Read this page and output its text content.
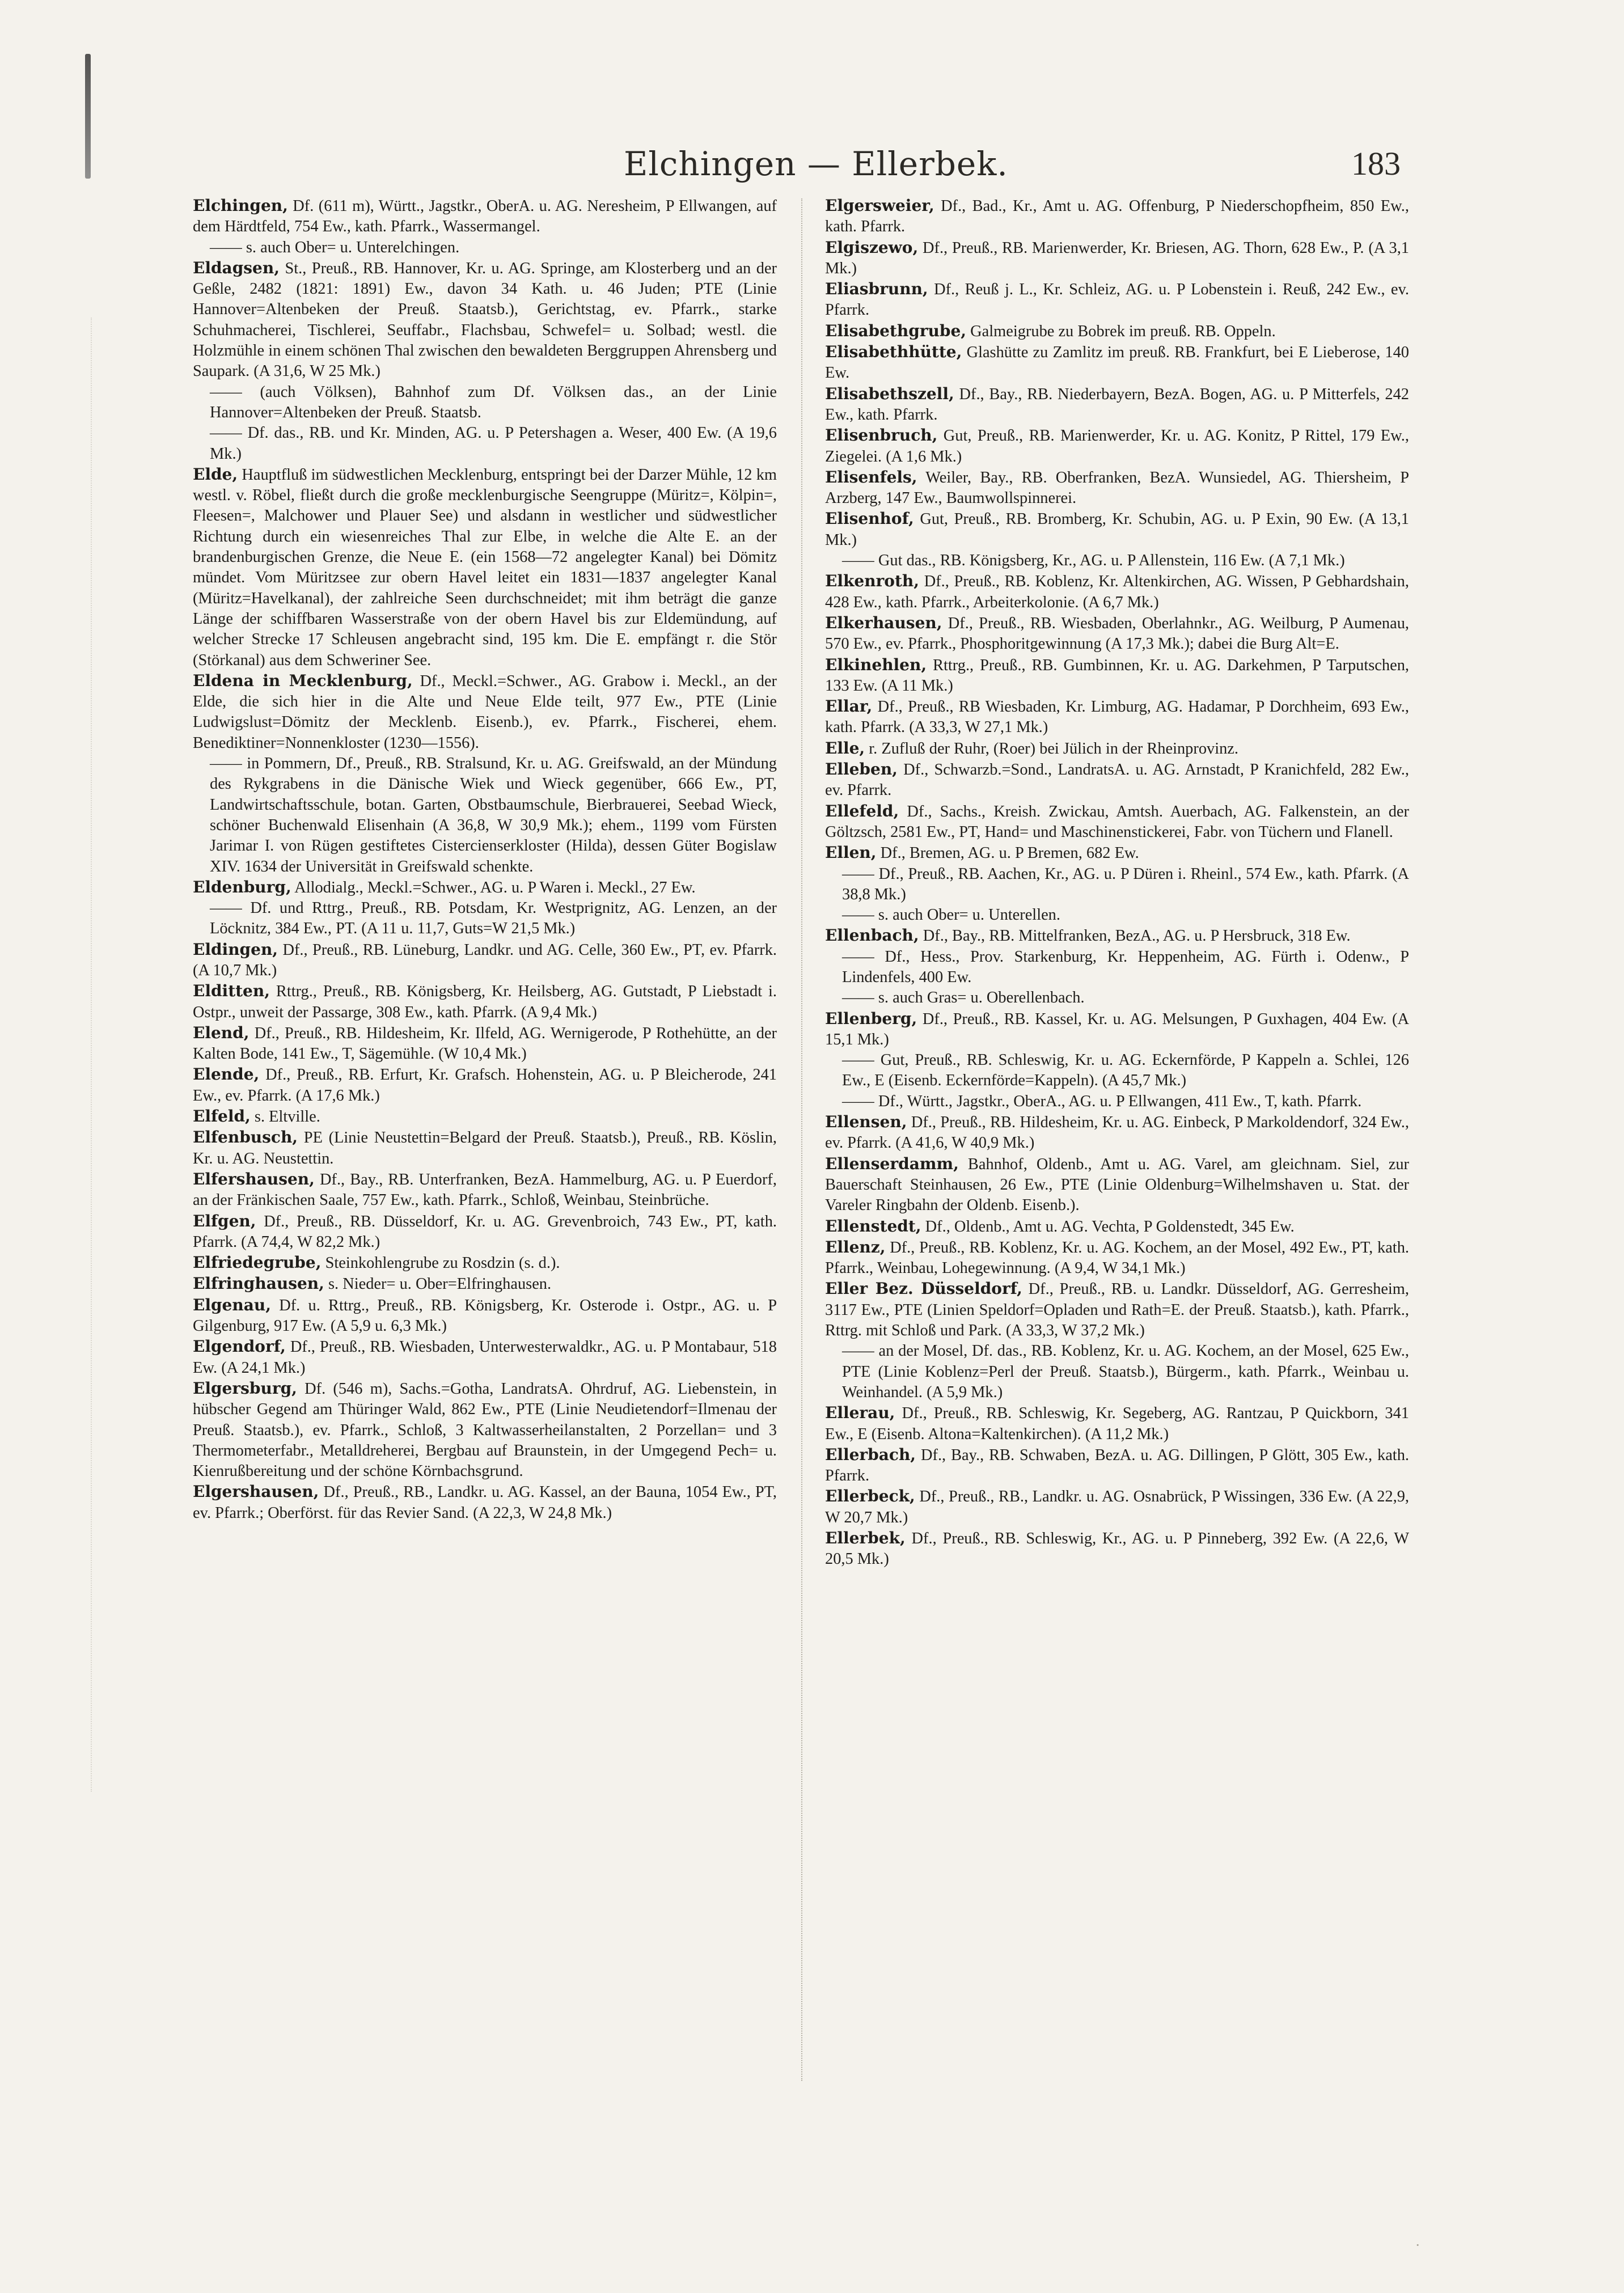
Elchingen — Ellerbek.	183

Elchingen, Df. (611 m), Württ., Jagstkr., OberA. u. AG. Neresheim, P Ellwangen, auf dem Härdtfeld, 754 Ew., kath. Pfarrk., Wassermangel.

—— s. auch Ober= u. Unterelchingen.

Eldagsen, St., Preuß., RB. Hannover, Kr. u. AG. Springe, am Klosterberg und an der Geßle, 2482 (1821: 1891) Ew., davon 34 Kath. u. 46 Juden; PTE (Linie Hannover=Altenbeken der Preuß. Staatsb.), Gerichtstag, ev. Pfarrk., starke Schuhmacherei, Tischlerei, Seuffabr., Flachsbau, Schwefel= u. Solbad; westl. die Holzmühle in einem schönen Thal zwischen den bewaldeten Berggruppen Ahrensberg und Saupark. (A 31,6, W 25 Mk.)

—— (auch Völksen), Bahnhof zum Df. Völksen das., an der Linie Hannover=Altenbeken der Preuß. Staatsb.

—— Df. das., RB. und Kr. Minden, AG. u. P Petershagen a. Weser, 400 Ew. (A 19,6 Mk.)

Elde, Hauptfluß im südwestlichen Mecklenburg, entspringt bei der Darzer Mühle, 12 km westl. v. Röbel, fließt durch die große mecklenburgische Seengruppe (Müritz=, Kölpin=, Fleesen=, Malchower und Plauer See) und alsdann in westlicher und südwestlicher Richtung durch ein wiesenreiches Thal zur Elbe, in welche die Alte E. an der brandenburgischen Grenze, die Neue E. (ein 1568—72 angelegter Kanal) bei Dömitz mündet. Vom Müritzsee zur obern Havel leitet ein 1831—1837 angelegter Kanal (Müritz=Havelkanal), der zahlreiche Seen durchschneidet; mit ihm beträgt die ganze Länge der schiffbaren Wasserstraße von der obern Havel bis zur Eldemündung, auf welcher Strecke 17 Schleusen angebracht sind, 195 km. Die E. empfängt r. die Stör (Störkanal) aus dem Schweriner See.

Eldena in Mecklenburg, Df., Meckl.=Schwer., AG. Grabow i. Meckl., an der Elde, die sich hier in die Alte und Neue Elde teilt, 977 Ew., PTE (Linie Ludwigslust=Dömitz der Mecklenb. Eisenb.), ev. Pfarrk., Fischerei, ehem. Benediktiner=Nonnenkloster (1230—1556).

—— in Pommern, Df., Preuß., RB. Stralsund, Kr. u. AG. Greifswald, an der Mündung des Rykgrabens in die Dänische Wiek und Wieck gegenüber, 666 Ew., PT, Landwirtschaftsschule, botan. Garten, Obstbaumschule, Bierbrauerei, Seebad Wieck, schöner Buchenwald Elisenhain (A 36,8, W 30,9 Mk.); ehem., 1199 vom Fürsten Jarimar I. von Rügen gestiftetes Cistercienserkloster (Hilda), dessen Güter Bogislaw XIV. 1634 der Universität in Greifswald schenkte.

Eldenburg, Allodialg., Meckl.=Schwer., AG. u. P Waren i. Meckl., 27 Ew.

—— Df. und Rttrg., Preuß., RB. Potsdam, Kr. Westprignitz, AG. Lenzen, an der Löcknitz, 384 Ew., PT. (A 11 u. 11,7, Guts=W 21,5 Mk.)

Eldingen, Df., Preuß., RB. Lüneburg, Landkr. und AG. Celle, 360 Ew., PT, ev. Pfarrk. (A 10,7 Mk.)

Elditten, Rttrg., Preuß., RB. Königsberg, Kr. Heilsberg, AG. Gutstadt, P Liebstadt i. Ostpr., unweit der Passarge, 308 Ew., kath. Pfarrk. (A 9,4 Mk.)

Elend, Df., Preuß., RB. Hildesheim, Kr. Ilfeld, AG. Wernigerode, P Rothehütte, an der Kalten Bode, 141 Ew., T, Sägemühle. (W 10,4 Mk.)

Elende, Df., Preuß., RB. Erfurt, Kr. Grafsch. Hohenstein, AG. u. P Bleicherode, 241 Ew., ev. Pfarrk. (A 17,6 Mk.)

Elfeld, s. Eltville.

Elfenbusch, PE (Linie Neustettin=Belgard der Preuß. Staatsb.), Preuß., RB. Köslin, Kr. u. AG. Neustettin.

Elfershausen, Df., Bay., RB. Unterfranken, BezA. Hammelburg, AG. u. P Euerdorf, an der Fränkischen Saale, 757 Ew., kath. Pfarrk., Schloß, Weinbau, Steinbrüche.

Elfgen, Df., Preuß., RB. Düsseldorf, Kr. u. AG. Grevenbroich, 743 Ew., PT, kath. Pfarrk. (A 74,4, W 82,2 Mk.)

Elfriedegrube, Steinkohlengrube zu Rosdzin (s. d.).

Elfringhausen, s. Nieder= u. Ober=Elfringhausen.

Elgenau, Df. u. Rttrg., Preuß., RB. Königsberg, Kr. Osterode i. Ostpr., AG. u. P Gilgenburg, 917 Ew. (A 5,9 u. 6,3 Mk.)

Elgendorf, Df., Preuß., RB. Wiesbaden, Unterwesterwaldkr., AG. u. P Montabaur, 518 Ew. (A 24,1 Mk.)

Elgersburg, Df. (546 m), Sachs.=Gotha, LandratsA. Ohrdruf, AG. Liebenstein, in hübscher Gegend am Thüringer Wald, 862 Ew., PTE (Linie Neudietendorf=Ilmenau der Preuß. Staatsb.), ev. Pfarrk., Schloß, 3 Kaltwasserheilanstalten, 2 Porzellan= und 3 Thermometerfabr., Metalldreherei, Bergbau auf Braunstein, in der Umgegend Pech= u. Kienrußbereitung und der schöne Körnbachsgrund.

Elgershausen, Df., Preuß., RB., Landkr. u. AG. Kassel, an der Bauna, 1054 Ew., PT, ev. Pfarrk.; Oberförst. für das Revier Sand. (A 22,3, W 24,8 Mk.)

Elgersweier, Df., Bad., Kr., Amt u. AG. Offenburg, P Niederschopfheim, 850 Ew., kath. Pfarrk.

Elgiszewo, Df., Preuß., RB. Marienwerder, Kr. Briesen, AG. Thorn, 628 Ew., P. (A 3,1 Mk.)

Eliasbrunn, Df., Reuß j. L., Kr. Schleiz, AG. u. P Lobenstein i. Reuß, 242 Ew., ev. Pfarrk.

Elisabethgrube, Galmeigrube zu Bobrek im preuß. RB. Oppeln.

Elisabethhütte, Glashütte zu Zamlitz im preuß. RB. Frankfurt, bei E Lieberose, 140 Ew.

Elisabethszell, Df., Bay., RB. Niederbayern, BezA. Bogen, AG. u. P Mitterfels, 242 Ew., kath. Pfarrk.

Elisenbruch, Gut, Preuß., RB. Marienwerder, Kr. u. AG. Konitz, P Rittel, 179 Ew., Ziegelei. (A 1,6 Mk.)

Elisenfels, Weiler, Bay., RB. Oberfranken, BezA. Wunsiedel, AG. Thiersheim, P Arzberg, 147 Ew., Baumwollspinnerei.

Elisenhof, Gut, Preuß., RB. Bromberg, Kr. Schubin, AG. u. P Exin, 90 Ew. (A 13,1 Mk.)

—— Gut das., RB. Königsberg, Kr., AG. u. P Allenstein, 116 Ew. (A 7,1 Mk.)

Elkenroth, Df., Preuß., RB. Koblenz, Kr. Altenkirchen, AG. Wissen, P Gebhardshain, 428 Ew., kath. Pfarrk., Arbeiterkolonie. (A 6,7 Mk.)

Elkerhausen, Df., Preuß., RB. Wiesbaden, Oberlahnkr., AG. Weilburg, P Aumenau, 570 Ew., ev. Pfarrk., Phosphoritgewinnung (A 17,3 Mk.); dabei die Burg Alt=E.

Elkinehlen, Rttrg., Preuß., RB. Gumbinnen, Kr. u. AG. Darkehmen, P Tarputschen, 133 Ew. (A 11 Mk.)

Ellar, Df., Preuß., RB Wiesbaden, Kr. Limburg, AG. Hadamar, P Dorchheim, 693 Ew., kath. Pfarrk. (A 33,3, W 27,1 Mk.)

Elle, r. Zufluß der Ruhr, (Roer) bei Jülich in der Rheinprovinz.

Elleben, Df., Schwarzb.=Sond., LandratsA. u. AG. Arnstadt, P Kranichfeld, 282 Ew., ev. Pfarrk.

Ellefeld, Df., Sachs., Kreish. Zwickau, Amtsh. Auerbach, AG. Falkenstein, an der Göltzsch, 2581 Ew., PT, Hand= und Maschinenstickerei, Fabr. von Tüchern und Flanell.

Ellen, Df., Bremen, AG. u. P Bremen, 682 Ew.

—— Df., Preuß., RB. Aachen, Kr., AG. u. P Düren i. Rheinl., 574 Ew., kath. Pfarrk. (A 38,8 Mk.)

—— s. auch Ober= u. Unterellen.

Ellenbach, Df., Bay., RB. Mittelfranken, BezA., AG. u. P Hersbruck, 318 Ew.

—— Df., Hess., Prov. Starkenburg, Kr. Heppenheim, AG. Fürth i. Odenw., P Lindenfels, 400 Ew.

—— s. auch Gras= u. Oberellenbach.

Ellenberg, Df., Preuß., RB. Kassel, Kr. u. AG. Melsungen, P Guxhagen, 404 Ew. (A 15,1 Mk.)

—— Gut, Preuß., RB. Schleswig, Kr. u. AG. Eckernförde, P Kappeln a. Schlei, 126 Ew., E (Eisenb. Eckernförde=Kappeln). (A 45,7 Mk.)

—— Df., Württ., Jagstkr., OberA., AG. u. P Ellwangen, 411 Ew., T, kath. Pfarrk.

Ellensen, Df., Preuß., RB. Hildesheim, Kr. u. AG. Einbeck, P Markoldendorf, 324 Ew., ev. Pfarrk. (A 41,6, W 40,9 Mk.)

Ellenserdamm, Bahnhof, Oldenb., Amt u. AG. Varel, am gleichnam. Siel, zur Bauerschaft Steinhausen, 26 Ew., PTE (Linie Oldenburg=Wilhelmshaven u. Stat. der Vareler Ringbahn der Oldenb. Eisenb.).

Ellenstedt, Df., Oldenb., Amt u. AG. Vechta, P Goldenstedt, 345 Ew.

Ellenz, Df., Preuß., RB. Koblenz, Kr. u. AG. Kochem, an der Mosel, 492 Ew., PT, kath. Pfarrk., Weinbau, Lohegewinnung. (A 9,4, W 34,1 Mk.)

Eller Bez. Düsseldorf, Df., Preuß., RB. u. Landkr. Düsseldorf, AG. Gerresheim, 3117 Ew., PTE (Linien Speldorf=Opladen und Rath=E. der Preuß. Staatsb.), kath. Pfarrk., Rttrg. mit Schloß und Park. (A 33,3, W 37,2 Mk.)

—— an der Mosel, Df. das., RB. Koblenz, Kr. u. AG. Kochem, an der Mosel, 625 Ew., PTE (Linie Koblenz=Perl der Preuß. Staatsb.), Bürgerm., kath. Pfarrk., Weinbau u. Weinhandel. (A 5,9 Mk.)

Ellerau, Df., Preuß., RB. Schleswig, Kr. Segeberg, AG. Rantzau, P Quickborn, 341 Ew., E (Eisenb. Altona=Kaltenkirchen). (A 11,2 Mk.)

Ellerbach, Df., Bay., RB. Schwaben, BezA. u. AG. Dillingen, P Glött, 305 Ew., kath. Pfarrk.

Ellerbeck, Df., Preuß., RB., Landkr. u. AG. Osnabrück, P Wissingen, 336 Ew. (A 22,9, W 20,7 Mk.)

Ellerbek, Df., Preuß., RB. Schleswig, Kr., AG. u. P Pinneberg, 392 Ew. (A 22,6, W 20,5 Mk.)

·
